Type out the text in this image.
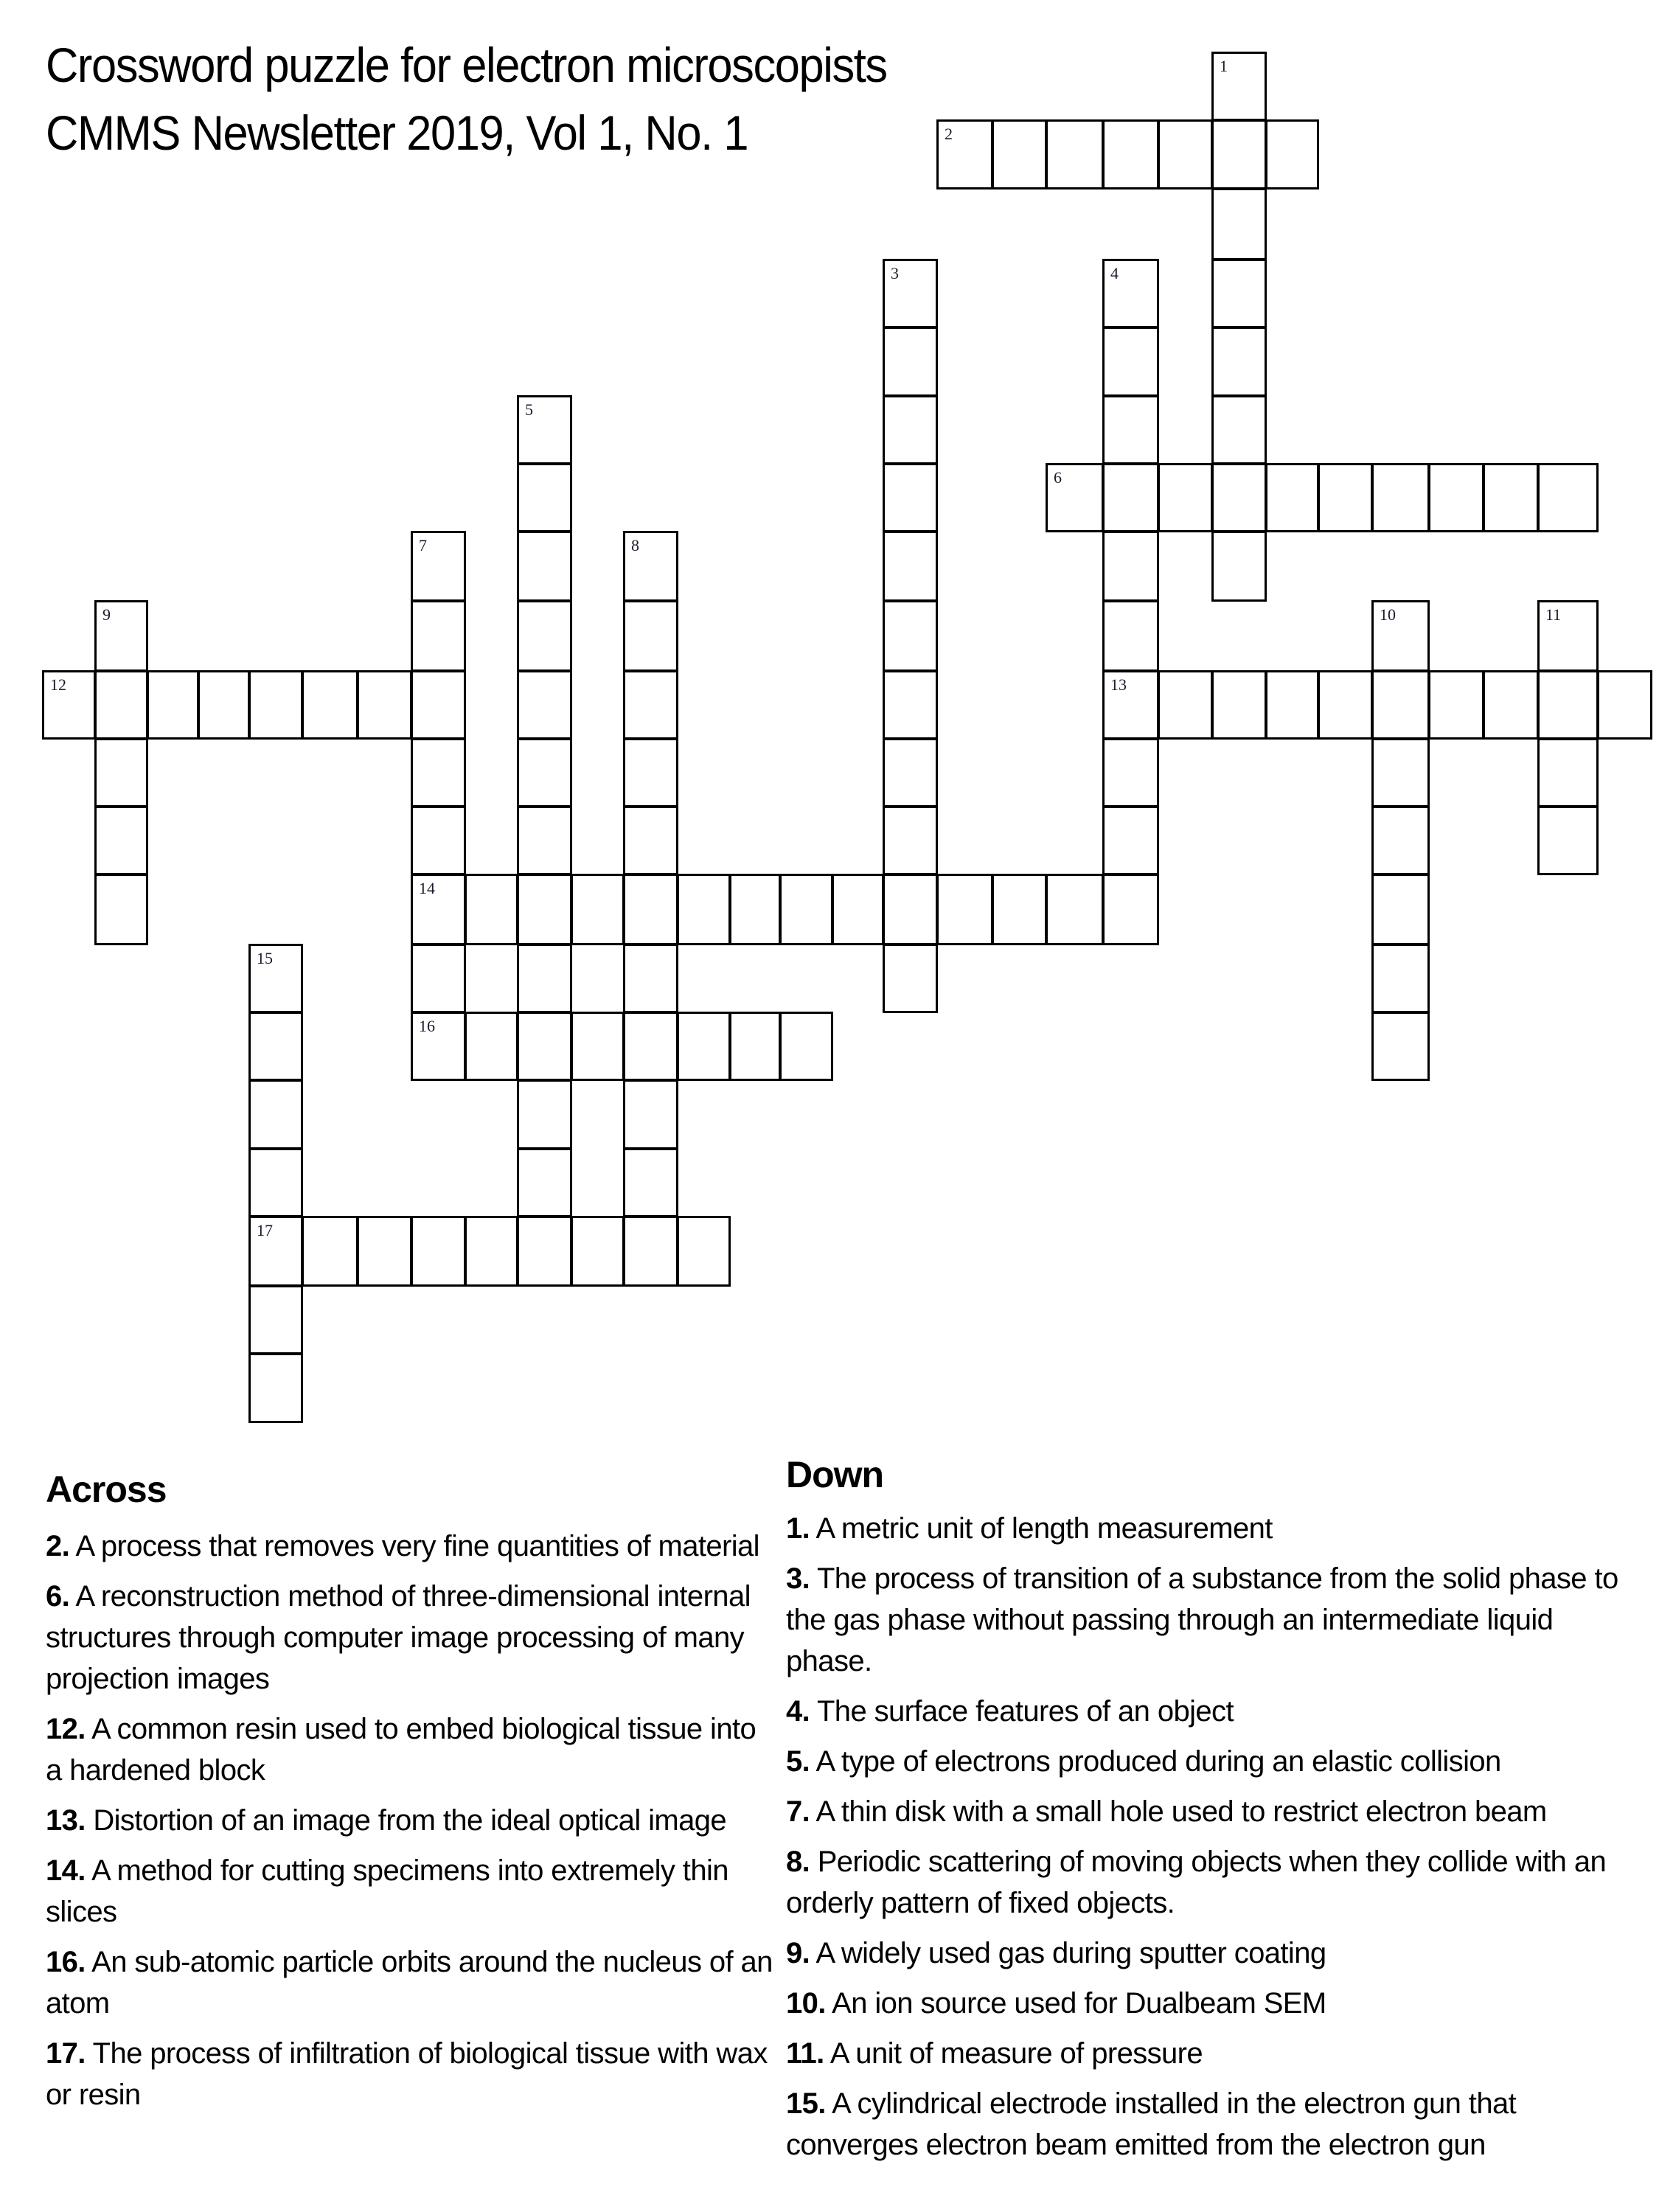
Crossword puzzle for electron microscopists
CMMS Newsletter 2019, Vol 1, No. 1
1
2
3	4
13
5
6
7
14
16
8
9	10	11
12
15
17
Across
2. A process that removes very fine quantities of material
6. A reconstruction method of three-dimensional internal structures through computer image processing of many projection images
12. A common resin used to embed biological tissue into a hardened block
13. Distortion of an image from the ideal optical image
14. A method for cutting specimens into extremely thin slices
16. An sub-atomic particle orbits around the nucleus of an atom
17. The process of infiltration of biological tissue with wax or resin
Down
1. A metric unit of length measurement
3. The process of transition of a substance from the solid phase to the gas phase without passing through an intermediate liquid phase.
4. The surface features of an object
5. A type of electrons produced during an elastic collision
7. A thin disk with a small hole used to restrict electron beam
8. Periodic scattering of moving objects when they collide with an orderly pattern of fixed objects.
9. A widely used gas during sputter coating
10. An ion source used for Dualbeam SEM
11. A unit of measure of pressure
15. A cylindrical electrode installed in the electron gun that converges electron beam emitted from the electron gun
